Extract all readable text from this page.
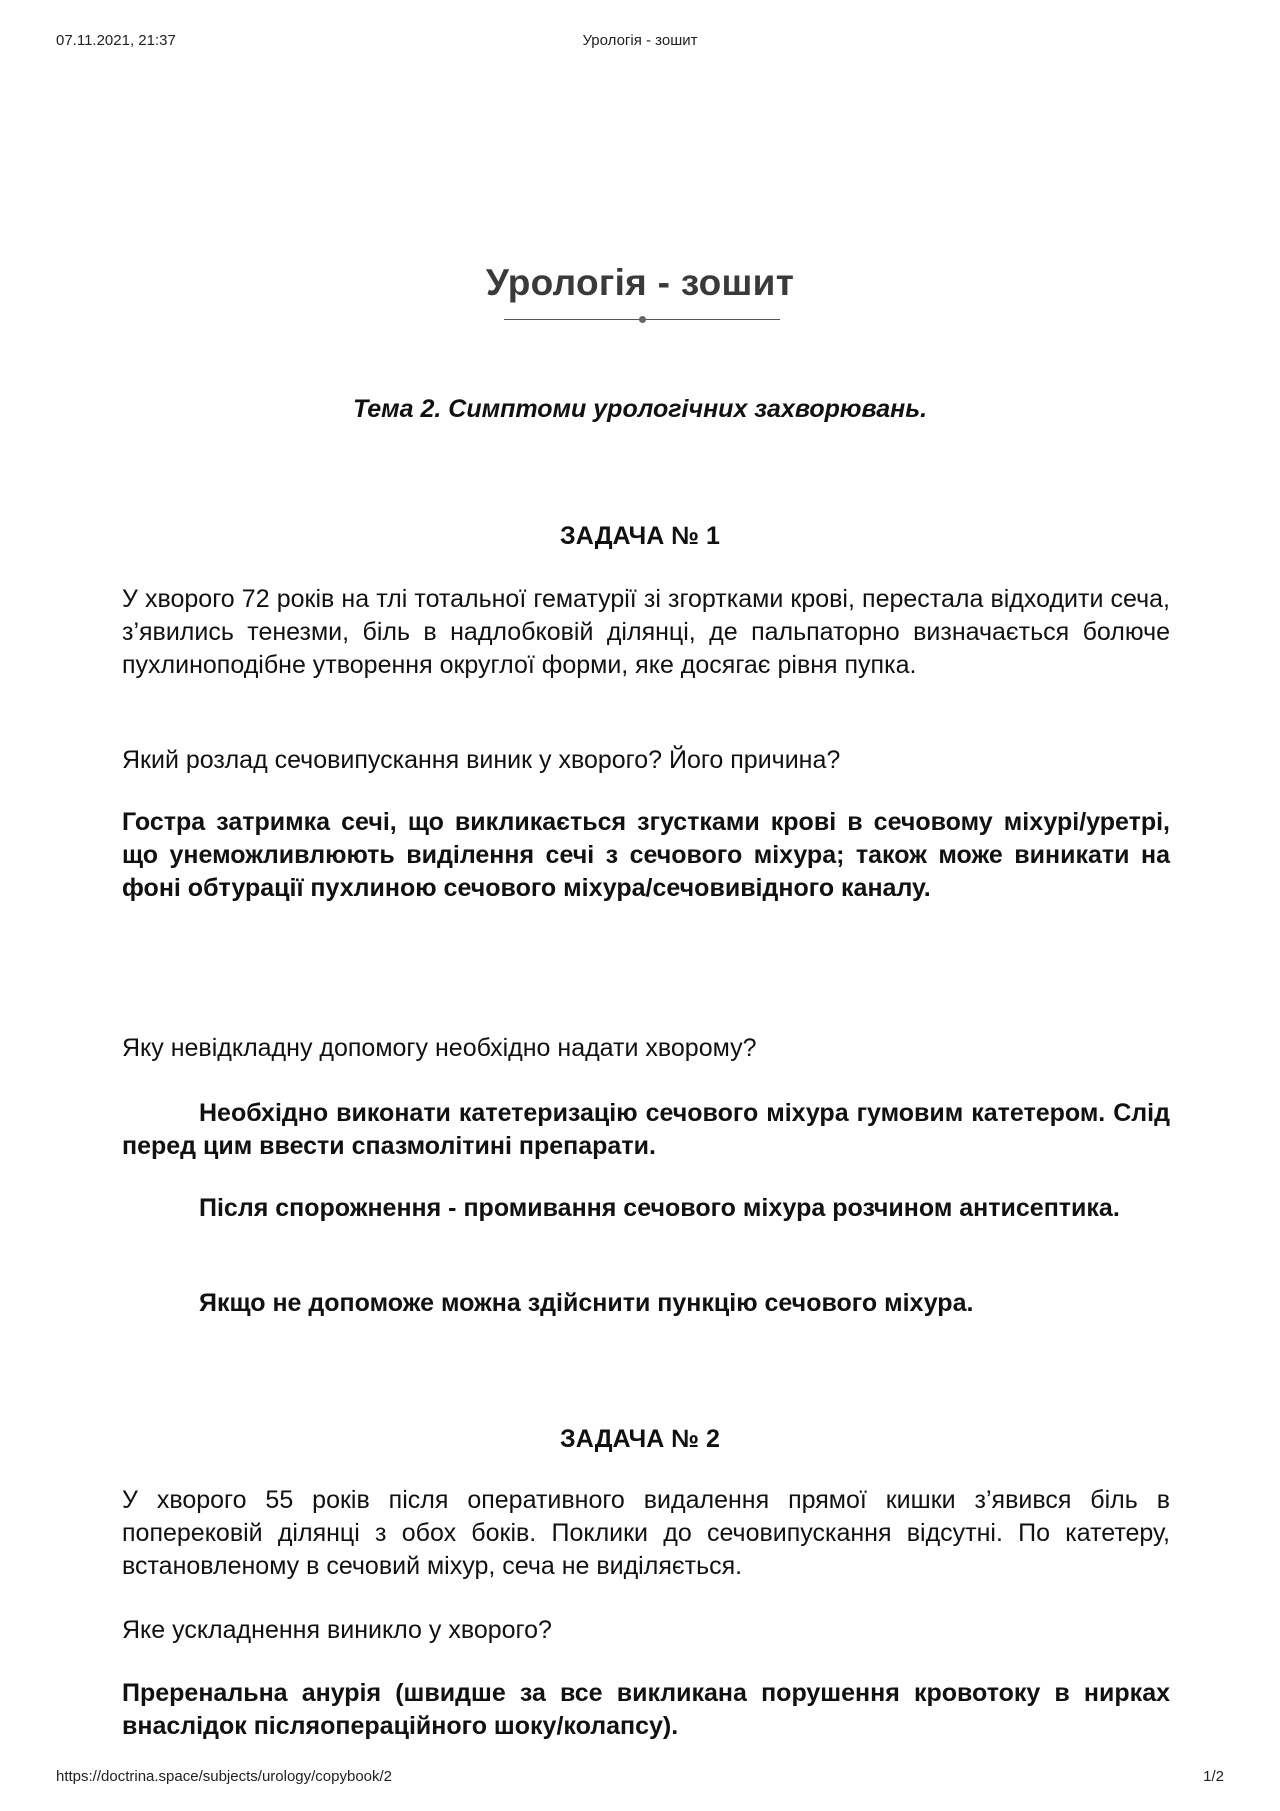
07.11.2021, 21:37	Урологія - зошит
Урологія - зошит
Тема 2. Симптоми урологічних захворювань.
ЗАДАЧА № 1
У хворого 72 років на тлі тотальної гематурії зі згортками крові, перестала відходити сеча, з’явились тенезми, біль в надлобковій ділянці, де пальпаторно визначається болюче пухлиноподібне утворення округлої форми, яке досягає рівня пупка.
Який розлад сечовипускання виник у хворого? Його причина?
Гостра затримка сечі, що викликається згустками крові в сечовому міхурі/уретрі, що унеможливлюють виділення сечі з сечового міхура; також може виникати на фоні обтурації пухлиною сечового міхура/сечовивідного каналу.
Яку невідкладну допомогу необхідно надати хворому?
Необхідно виконати катетеризацію сечового міхура гумовим катетером. Слід перед цим ввести спазмолітині препарати.
Після спорожнення - промивання сечового міхура розчином антисептика.
Якщо не допоможе можна здійснити пункцію сечового міхура.
ЗАДАЧА № 2
У хворого 55 років після оперативного видалення прямої кишки з’явився біль в поперековій ділянці з обох боків. Поклики до сечовипускання відсутні. По катетеру, встановленому в сечовий міхур, сеча не виділяється.
Яке ускладнення виникло у хворого?
Преренальна анурія (швидше за все викликана порушення кровотоку в нирках внаслідок післяопераційного шоку/колапсу).
https://doctrina.space/subjects/urology/copybook/2	1/2
